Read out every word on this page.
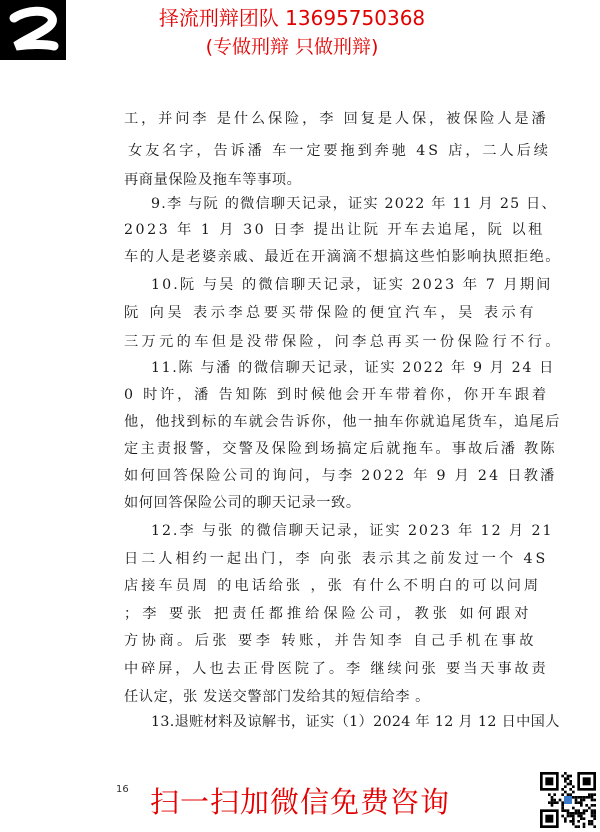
择流刑辩团队 13695750368
(专做刑辩 只做刑辩)
工，并问李 是什么保险，李 回复是人保，被保险人是潘
女友名字，告诉潘 车一定要拖到奔驰 4S 店，二人后续
再商量保险及拖车等事项。
9.李 与阮 的微信聊天记录，证实 2022 年 11 月 25 日、
2023 年 1 月 30 日李 提出让阮 开车去追尾，阮 以租
车的人是老婆亲戚、最近在开滴滴不想搞这些怕影响执照拒绝。
10.阮 与吴 的微信聊天记录，证实 2023 年 7 月期间
阮 向吴 表示李总要买带保险的便宜汽车，吴 表示有
三万元的车但是没带保险，问李总再买一份保险行不行。
11.陈 与潘 的微信聊天记录，证实 2022 年 9 月 24 日
0 时许，潘 告知陈 到时候他会开车带着你，你开车跟着
他，他找到标的车就会告诉你，他一抽车你就追尾货车，追尾后
定主责报警，交警及保险到场搞定后就拖车。事故后潘 教陈
如何回答保险公司的询问，与李 2022 年 9 月 24 日教潘
如何回答保险公司的聊天记录一致。
12.李 与张 的微信聊天记录，证实 2023 年 12 月 21
日二人相约一起出门，李 向张 表示其之前发过一个 4S
店接车员周 的电话给张 ，张 有什么不明白的可以问周
；李 要张 把责任都推给保险公司，教张 如何跟对
方协商。后张 要李 转账，并告知李 自己手机在事故
中碎屏，人也去正骨医院了。李 继续问张 要当天事故责
任认定，张 发送交警部门发给其的短信给李 。
13.退赃材料及谅解书，证实（1）2024 年 12 月 12 日中国人
16 扫一扫加微信免费咨询
